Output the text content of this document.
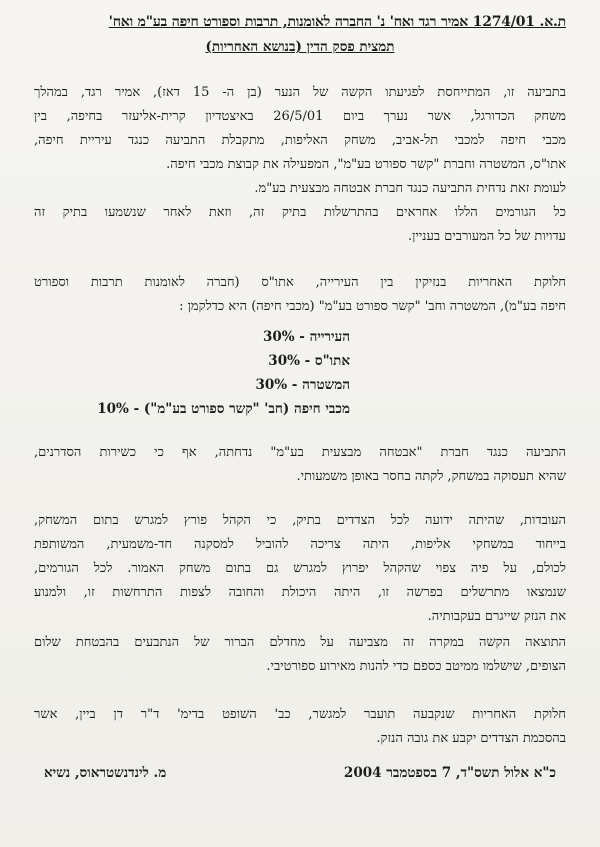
ת.א. 1274/01 אמיר רגד ואח' נ' החברה לאומנות, תרבות וספורט חיפה בע"מ ואח'
תמצית פסק הדין (בנושא האחריות)

בתביעה זו, המתייחסת לפגיעתו הקשה של הנער (בן ה- 15 דאז), אמיר רגד, במהלך
משחק הכדורגל, אשר נערך ביום 26/5/01 באיצטדיון קרית-אליעזר בחיפה, בין
מכבי חיפה למכבי תל-אביב, משחק האליפות, מתקבלת התביעה כנגד עיריית חיפה,
אתו"ס, המשטרה וחברת "קשר ספורט בע"מ", המפעילה את קבוצת מכבי חיפה.
לעומת זאת נדחית התביעה כנגד חברת אבטחה מבצעית בע"מ.
כל הגורמים הללו אחראים בהתרשלות בתיק זה, וזאת לאחר שנשמעו בתיק זה
עדויות של כל המעורבים בעניין.

חלוקת האחריות בנזיקין בין העירייה, אתו"ס (חברה לאומנות תרבות וספורט
חיפה בע"מ), המשטרה וחב' "קשר ספורט בע"מ" (מכבי חיפה) היא כדלקמן :

העירייה - 30%
אתו"ס - 30%
המשטרה - 30%
מכבי חיפה (חב' "קשר ספורט בע"מ") - 10%

התביעה כנגד חברת "אבטחה מבצעית בע"מ" נדחתה, אף כי כשירות הסדרנים,
שהיא תעסוקה במשחק, לקתה בחסר באופן משמעותי.

העובדות, שהיתה ידועה לכל הצדדים בתיק, כי הקהל פורץ למגרש בתום המשחק,
בייחוד במשחקי אליפות, היתה צריכה להוביל למסקנה חד-משמעית, המשותפת
לכולם, על פיה צפוי שהקהל יפרוץ למגרש גם בתום משחק האמור. לכל הגורמים,
שנמצאו מתרשלים בפרשה זו, היתה היכולת והחובה לצפות התרחשות זו, ולמנוע
את הנזק שייגרם בעקבותיה.

התוצאה הקשה במקרה זה מצביעה על מחדלם הברור של הנתבעים בהבטחת שלום
הצופים, שישלמו ממיטב כספם כדי להנות מאירוע ספורטיבי.

חלוקת האחריות שנקבעה תועבר למגשר, כב' השופט בדימ' ד"ר דן ביין, אשר
בהסכמת הצדדים יקבע את גובה הנזק.

כ"א אלול תשס"ד, 7 בספטמבר 2004
מ. לינדנשטראוס, נשיא
